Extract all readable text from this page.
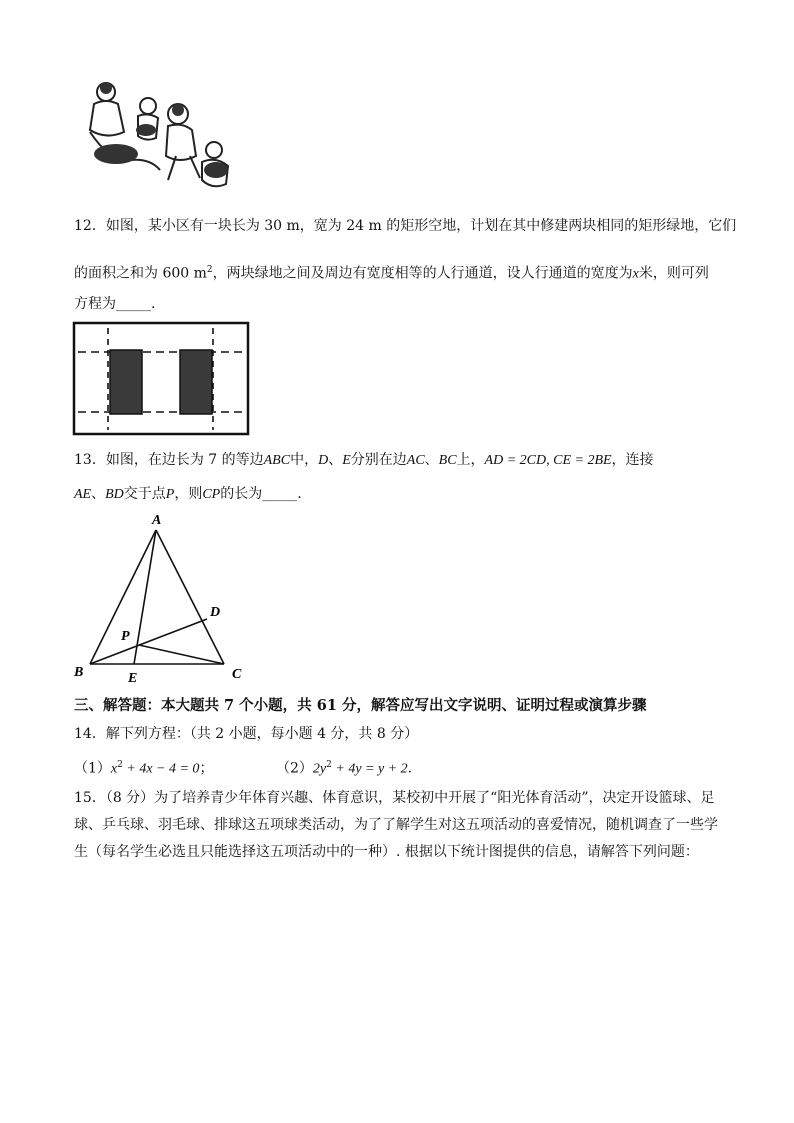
12．如图，某小区有一块长为 30 m，宽为 24 m 的矩形空地，计划在其中修建两块相同的矩形绿地，它们
的面积之和为 600 $m^2$，两块绿地之间及周边有宽度相等的人行通道，设人行通道的宽度为x米，则可列
方程为_____.
13．如图，在边长为 7 的等边ABC中，D、E分别在边AC、BC上，AD = 2CD, CE = 2BE，连接
AE、BD交于点P，则CP的长为_____.
A
B	C
D
E
P
三、解答题：本大题共 7 个小题，共 61 分，解答应写出文字说明、证明过程或演算步骤
14．解下列方程：（共 2 小题，每小题 4 分，共 8 分）
$(1)x^2 + 4x - 4 = 0$；	$(2)2y^2 + 4y = y + 2$.
15．（8 分）为了培养青少年体育兴趣、体育意识，某校初中开展了“阳光体育活动”，决定开设篮球、足
球、乒乓球、羽毛球、排球这五项球类活动，为了了解学生对这五项活动的喜爱情况，随机调查了一些学
生（每名学生必选且只能选择这五项活动中的一种）. 根据以下统计图提供的信息，请解答下列问题：
